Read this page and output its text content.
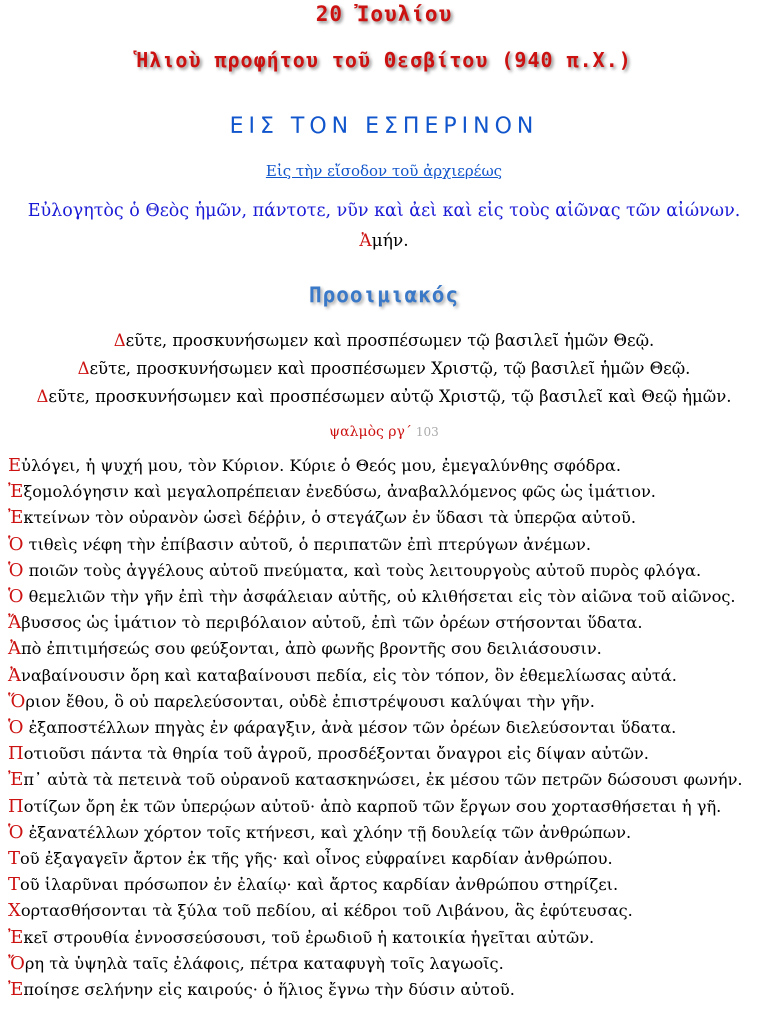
20 Ἰουλίου
Ἡλιοὺ προφήτου τοῦ Θεσβίτου (940 π.Χ.)
ΕΙΣ ΤΟΝ ΕΣΠΕΡΙΝΟΝ
Εἰς τὴν εἴσοδον τοῦ ἀρχιερέως
Εὐλογητὸς ὁ Θεὸς ἡμῶν, πάντοτε, νῦν καὶ ἀεὶ καὶ εἰς τοὺς αἰῶνας τῶν αἰώνων.
Ἀμήν.
Προοιμιακός
Δεῦτε, προσκυνήσωμεν καὶ προσπέσωμεν τῷ βασιλεῖ ἡμῶν Θεῷ.
Δεῦτε, προσκυνήσωμεν καὶ προσπέσωμεν Χριστῷ, τῷ βασιλεῖ ἡμῶν Θεῷ.
Δεῦτε, προσκυνήσωμεν καὶ προσπέσωμεν αὐτῷ Χριστῷ, τῷ βασιλεῖ καὶ Θεῷ ἡμῶν.
ψαλμὸς ργ´ 103
Εὐλόγει, ἡ ψυχή μου, τὸν Κύριον. Κύριε ὁ Θεός μου, ἐμεγαλύνθης σφόδρα.
Ἐξομολόγησιν καὶ μεγαλοπρέπειαν ἐνεδύσω, ἀναβαλλόμενος φῶς ὡς ἱμάτιον.
Ἐκτείνων τὸν οὐρανὸν ὡσεὶ δέῤῥιν, ὁ στεγάζων ἐν ὕδασι τὰ ὑπερῷα αὐτοῦ.
Ὁ τιθεὶς νέφη τὴν ἐπίβασιν αὐτοῦ, ὁ περιπατῶν ἐπὶ πτερύγων ἀνέμων.
Ὁ ποιῶν τοὺς ἀγγέλους αὐτοῦ πνεύματα, καὶ τοὺς λειτουργοὺς αὐτοῦ πυρὸς φλόγα.
Ὁ θεμελιῶν τὴν γῆν ἐπὶ τὴν ἀσφάλειαν αὐτῆς, οὐ κλιθήσεται εἰς τὸν αἰῶνα τοῦ αἰῶνος.
Ἄβυσσος ὡς ἱμάτιον τὸ περιβόλαιον αὐτοῦ, ἐπὶ τῶν ὀρέων στήσονται ὕδατα.
Ἀπὸ ἐπιτιμήσεώς σου φεύξονται, ἀπὸ φωνῆς βροντῆς σου δειλιάσουσιν.
Ἀναβαίνουσιν ὄρη καὶ καταβαίνουσι πεδία, εἰς τὸν τόπον, ὃν ἐθεμελίωσας αὐτά.
Ὅριον ἔθου, ὃ οὐ παρελεύσονται, οὐδὲ ἐπιστρέψουσι καλύψαι τὴν γῆν.
Ὁ ἐξαποστέλλων πηγὰς ἐν φάραγξιν, ἀνὰ μέσον τῶν ὀρέων διελεύσονται ὕδατα.
Ποτιοῦσι πάντα τὰ θηρία τοῦ ἀγροῦ, προσδέξονται ὄναγροι εἰς δίψαν αὐτῶν.
Ἐπ᾽ αὐτὰ τὰ πετεινὰ τοῦ οὐρανοῦ κατασκηνώσει, ἐκ μέσου τῶν πετρῶν δώσουσι φωνήν.
Ποτίζων ὄρη ἐκ τῶν ὑπερῴων αὐτοῦ· ἀπὸ καρποῦ τῶν ἔργων σου χορτασθήσεται ἡ γῆ.
Ὁ ἐξανατέλλων χόρτον τοῖς κτήνεσι, καὶ χλόην τῇ δουλείᾳ τῶν ἀνθρώπων.
Τοῦ ἐξαγαγεῖν ἄρτον ἐκ τῆς γῆς· καὶ οἶνος εὐφραίνει καρδίαν ἀνθρώπου.
Τοῦ ἱλαρῦναι πρόσωπον ἐν ἐλαίῳ· καὶ ἄρτος καρδίαν ἀνθρώπου στηρίζει.
Χορτασθήσονται τὰ ξύλα τοῦ πεδίου, αἱ κέδροι τοῦ Λιβάνου, ἃς ἐφύτευσας.
Ἐκεῖ στρουθία ἐννοσσεύσουσι, τοῦ ἐρωδιοῦ ἡ κατοικία ἡγεῖται αὐτῶν.
Ὄρη τὰ ὑψηλὰ ταῖς ἐλάφοις, πέτρα καταφυγὴ τοῖς λαγωοῖς.
Ἐποίησε σελήνην εἰς καιρούς· ὁ ἥλιος ἔγνω τὴν δύσιν αὐτοῦ.
